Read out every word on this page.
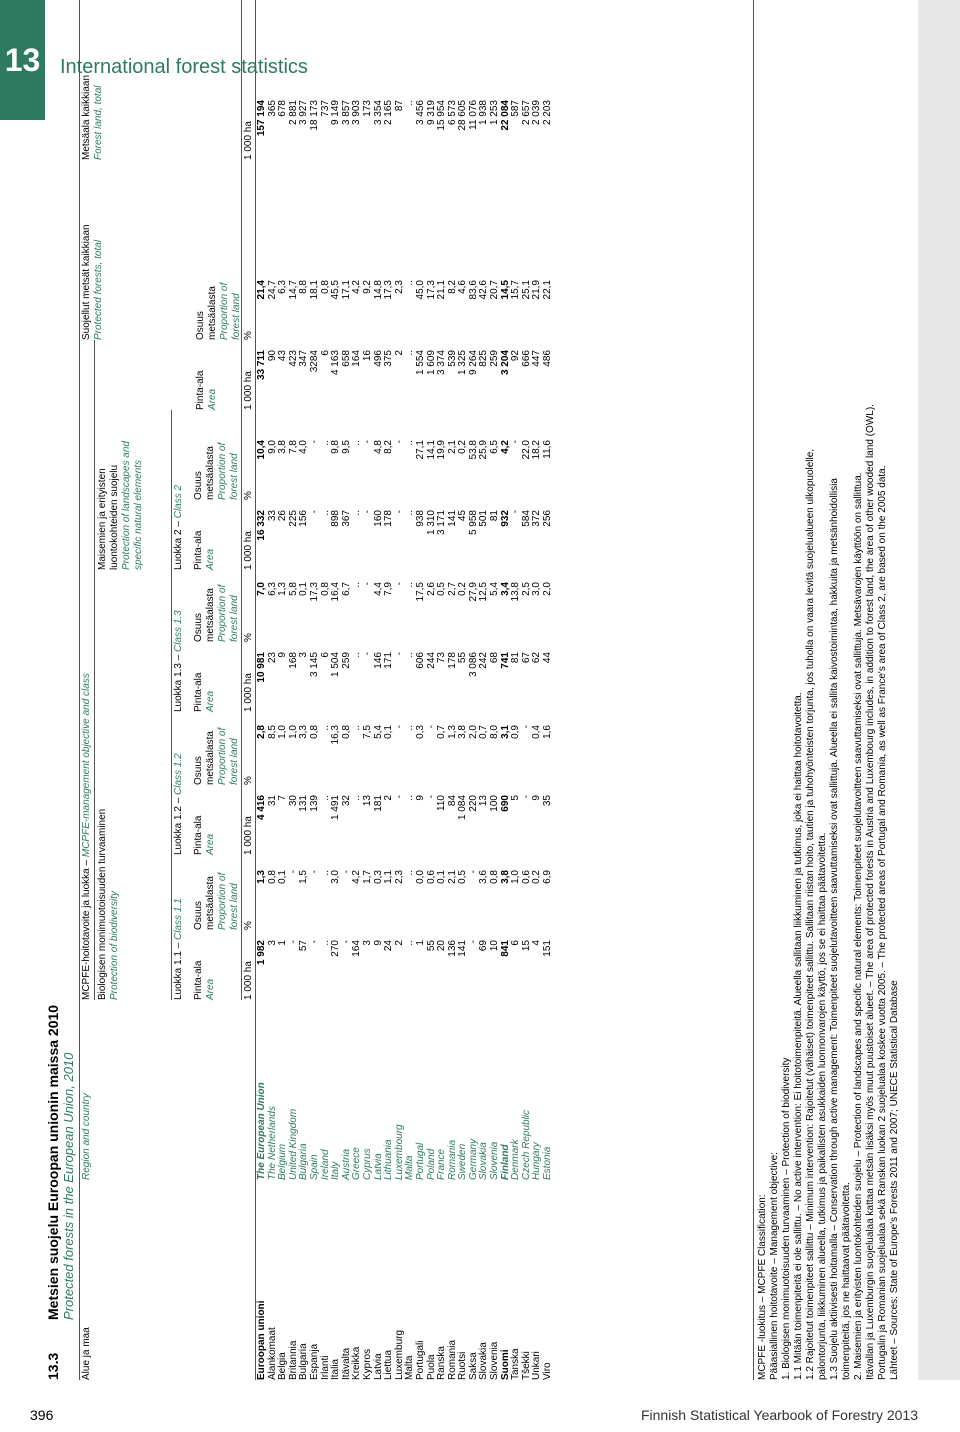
13 International forest statistics
396	Finnish Statistical Yearbook of Forestry 2013
13.3Metsien suojelu Euroopan unionin maissa 2010 Protected forests in the European Union, 2010
Alue ja maa
Region and country
MCPFE-hoitotavoite ja luokka – MCPFE-management objective and class
Biologisen monimuotoisuuden turvaaminen Protection of biodiversity
Maisemien ja erityisten luontokohteiden suojelu Protection of landscapes and specific natural elements
Suojellut metsät kaikkiaan Protected forests, total
Metsäala kaikkiaan Forest land, total
Luokka 1.1 – Class 1.1
Luokka 1.2 – Class 1.2
Luokka 1.3 – Class 1.3
Luokka 2 – Class 2
Pinta-ala Area
Osuus metsäalasta Proportion of forest land
Pinta-ala Area
Osuus metsäalasta Proportion of forest land
Pinta-ala Area
Osuus metsäalasta Proportion of forest land
Pinta-ala Area
Osuus metsäalasta Proportion of forest land
Pinta-ala Area
Osuus metsäalasta Proportion of forest land
1 000 ha
%
1 000 ha
%
1 000 ha
%
1 000 ha
%
1 000 ha
%
1 000 ha
Euroopan unioni
The European Union
1 982
1,3
4 416
2,8
10 981
7,0
16 332
10,4
33 711
21,4
157 194
Alankomaat
The Netherlands
3
0,8
31
8,5
23
6,3
33
9,0
90
24,7
365
Belgia
Belgium
1
0,1
7
1,0
9
1,3
26
3,8
43
6,3
678
Britannia
United Kingdom
-
-
30
1,0
168
5,8
225
7,8
423
14,7
2 881
Bulgaria
Bulgaria
57
1,5
131
3,3
3
0,1
156
4,0
347
8,8
3 927
Espanja
Spain
-
-
139
0,8
3 145
17,3
-
-
3284
18,1
18 173
Irlanti
Ireland
..
..
..
..
6
0,8
..
..
6
0,8
737
Italia
Italy
270
3,0
1 491
16,3
1 504
16,4
898
9,8
4 163
45,5
9 149
Itävalta
Austria
-
-
32
0,8
259
6,7
367
9,5
658
17,1
3 857
Kreikka
Greece
164
4,2
..
..
..
..
..
..
164
4,2
3 903
Kypros
Cyprus
3
1,7
13
7,5
-
-
-
-
16
9,2
173
Latvia
Latvia
9
0,3
181
5,4
146
4,4
160
4,8
496
14,8
3 354
Liettua
Lithuania
24
1,1
2
0,1
171
7,9
178
8,2
375
17,3
2 165
Luxemburg
Luxembourg
2
2,3
-
-
-
-
-
-
2
2,3
87
Malta
Malta
..
..
..
..
..
..
..
..
..
..
..
Portugali
Portugal
1
0,0
9
0,3
606
17,5
938
27,1
1 554
45,0
3 456
Puola
Poland
55
0,6
-
-
244
2,6
1 310
14,1
1 609
17,3
9 319
Ranska
France
20
0,1
110
0,7
73
0,5
3 171
19,9
3 374
21,1
15 954
Romania
Romania
136
2,1
84
1,3
178
2,7
141
2,1
539
8,2
6 573
Ruotsi
Sweden
141
0,5
1 084
3,8
55
0,2
45
0,2
1 325
4,6
28 605
Saksa
Germany
-
-
220
2,0
3 086
27,9
5 958
53,8
9 264
83,6
11 076
Slovakia
Slovakia
69
3,6
13
0,7
242
12,5
501
25,9
825
42,6
1 938
Slovenia
Slovenia
10
0,8
100
8,0
68
5,4
81
6,5
259
20,7
1 253
Suomi
Finland
841
3,8
690
3,1
741
3,4
932
4,2
3 204
14,5
22 084
Tanska
Denmark
6
1,0
5
0,9
81
13,8
-
-
92
15,7
587
Tšekki
Czech Republic
15
0,6
-
-
67
2,5
584
22,0
666
25,1
2 657
Unkari
Hungary
4
0,2
9
0,4
62
3,0
372
18,2
447
21,9
2 039
Viro
Estonia
151
6,9
35
1,6
44
2,0
256
11,6
486
22,1
2 203
MCPFE -luokitus – MCPFE Classification: Pääasiallinen hoitotavoite – Management objective: 1. Biologisen monimuotoisuuden turvaaminen – Protection of biodiversity 1.1 Mitään toimenpiteitä ei ole sallittu. – No active intervention: Ei hoitotoimenpiteitä. Alueella sallitaan liikkuminen ja tutkimus, joka ei haittaa hoitotavoitetta. 1.2 Rajoitetut toimenpiteet sallittu – Minimum intervention: Rajoitetut (vähäiset) toimenpiteet sallittu. Sallitaan riistan hoito, tautien ja tuhohyönteisten torjunta, jos tuholla on vaara levitä suojelualueen ulkopuolelle, palontorjunta, liikkuminen alueella, tutkimus ja paikallisten asukkaiden luonnonvarojen käyttö, jos se ei haittaa päätavoitetta. 1.3 Suojelu aktiivisesti hoitamalla – Conservation through active management: Toimenpiteet suojelutavoitteen saavuttamiseksi ovat sallittuja. Alueella ei sallita kaivostoimintaa, hakkuita ja metsänhoidollisia toimenpiteitä, jos ne haittaavat päätavoitetta. 2. Maisemien ja erityisten luontokohteiden suojelu – Protection of landscapes and specific natural elements: Toimenpiteet suojelutavoitteen saavuttamiseksi ovat sallittuja. Metsävarojen käyttöön on sallittua. Itävallan ja Luxemburgin suojelualaa kattaa metsän lisäksi myös muut puustoiset alueet. – The area of protected forests in Austria and Luxembourg includes, in addition to forest land, the area of other wooded land (OWL). Portugalin ja Romanian suojelualaa sekä Ranskan luokan 2 suojelualaa koskee vuotta 2005. – The protected areas of Portugal and Romania, as well as France's area of Class 2, are based on the 2005 data. Lähteet – Sources: State of Europe's Forests 2011 and 2007; UNECE Statistical Database
